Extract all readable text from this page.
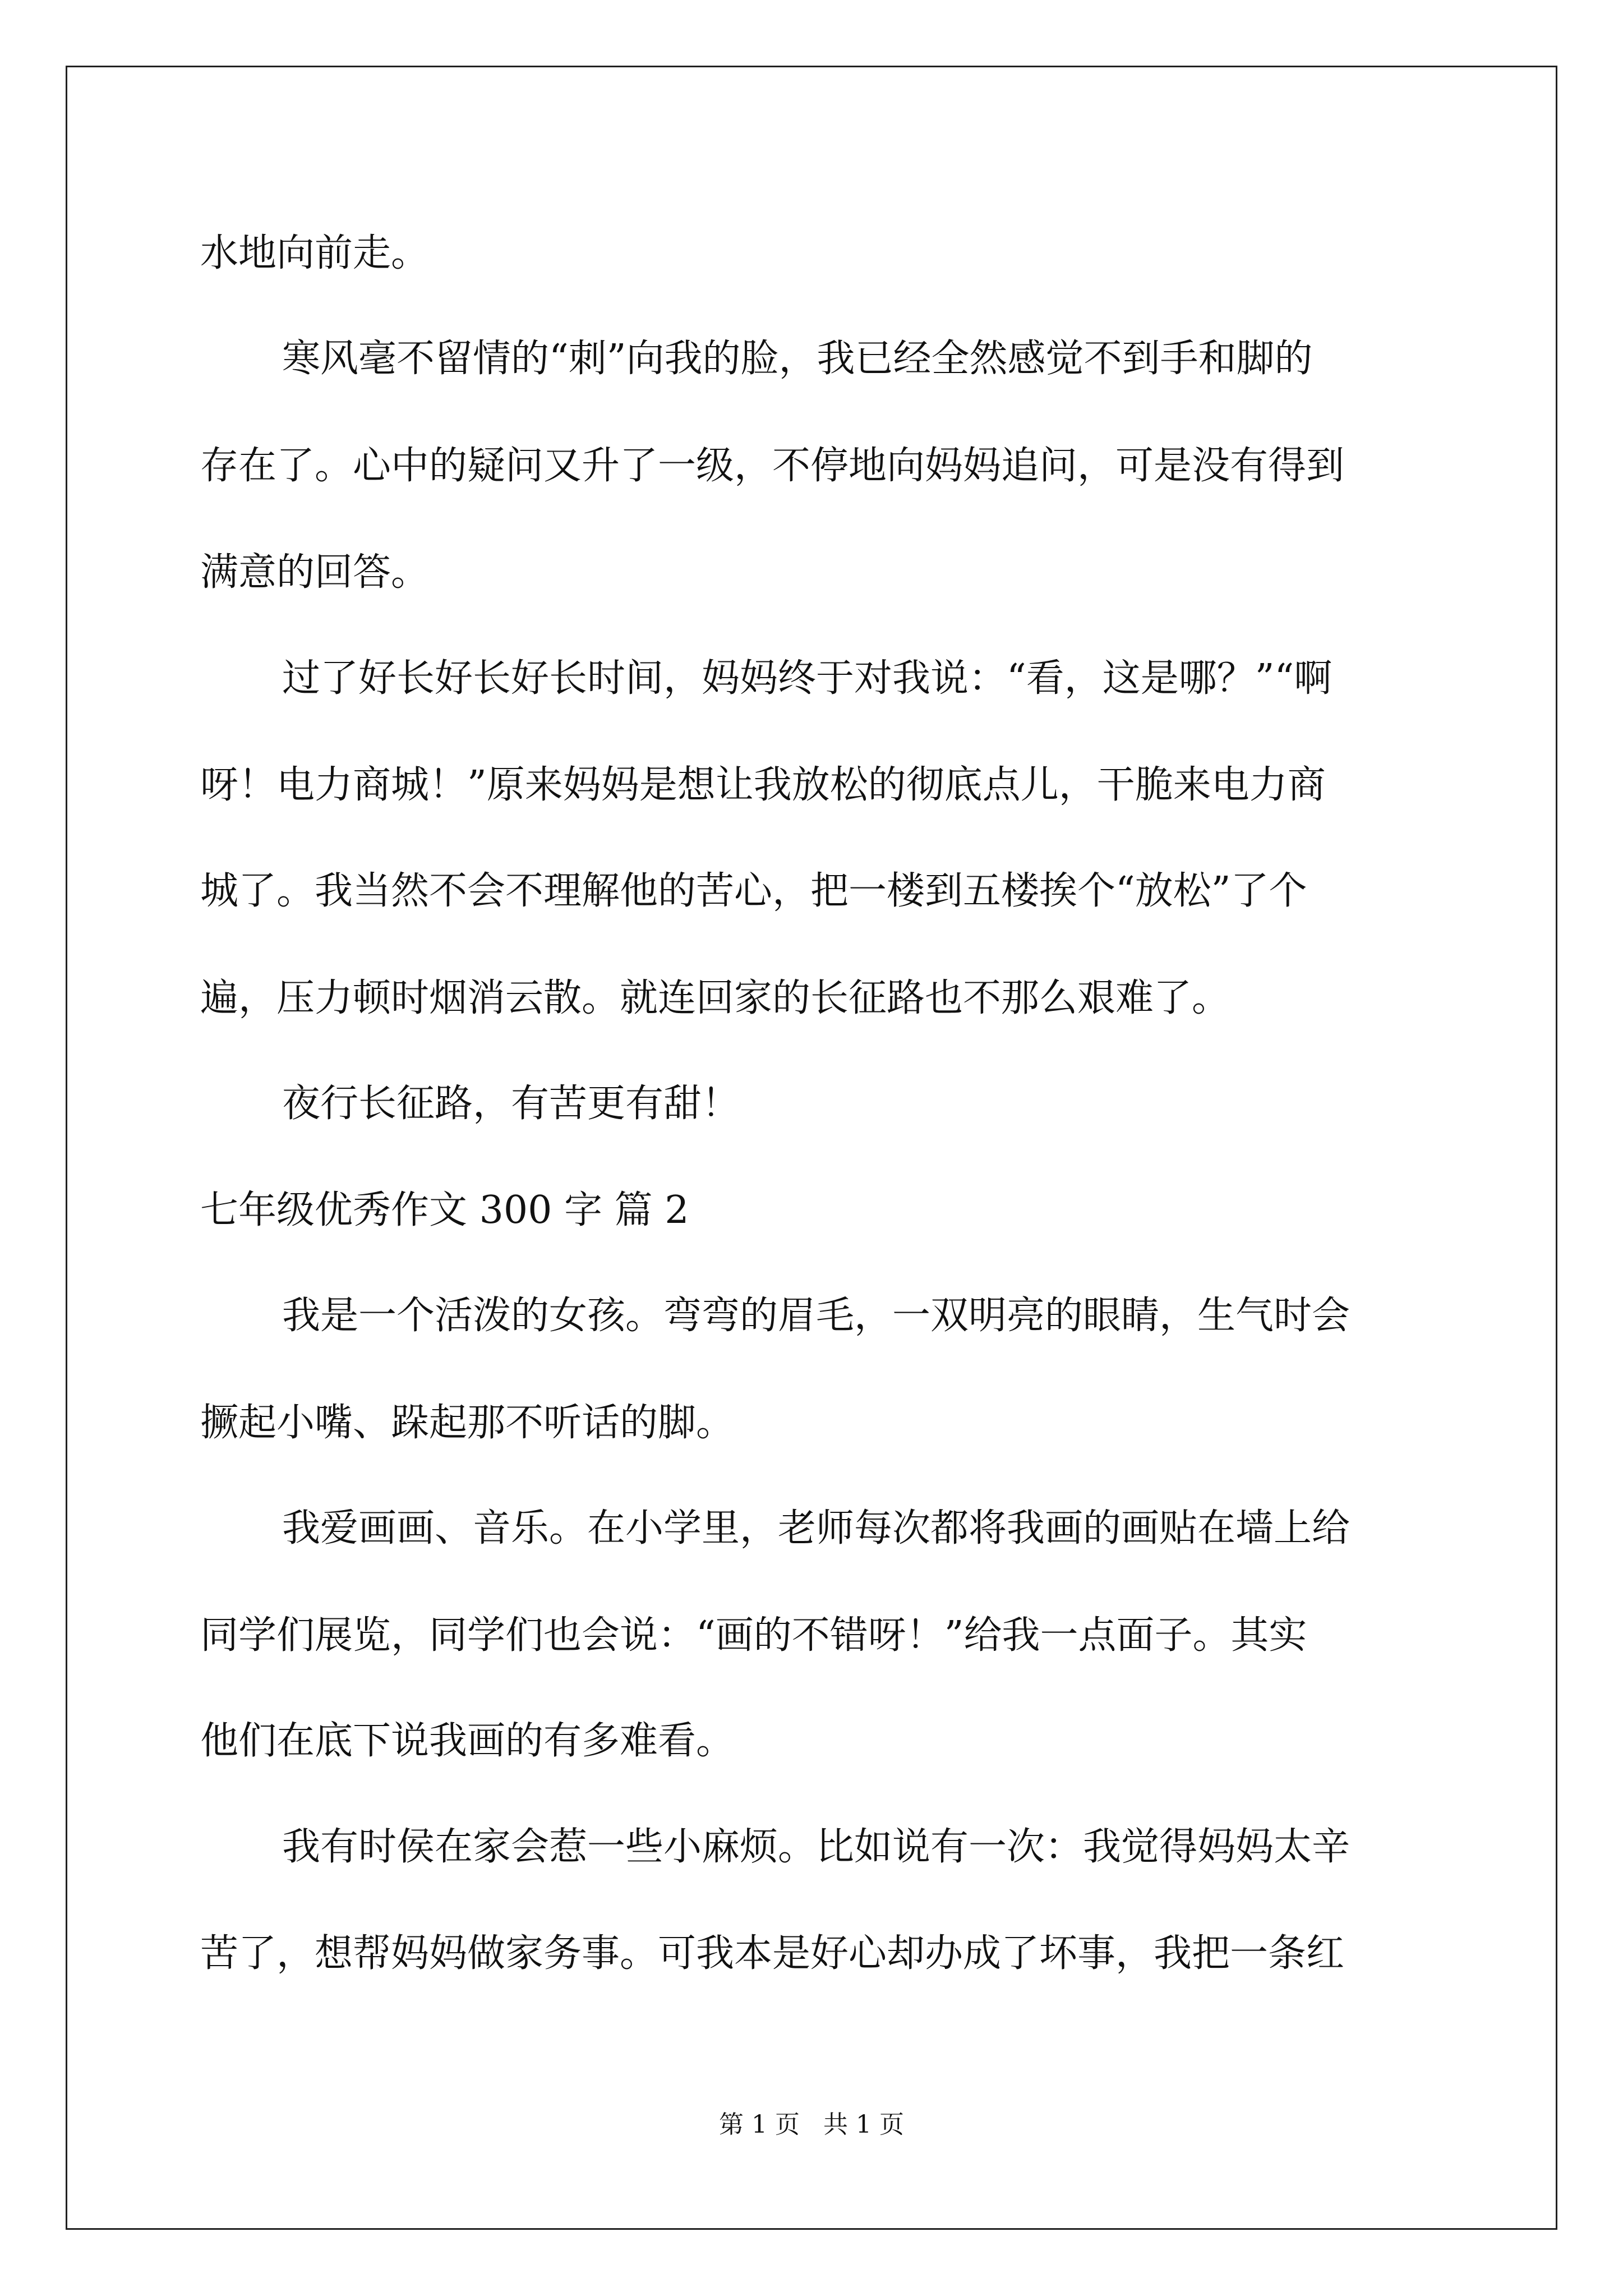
水地向前走。
寒风毫不留情的“刺”向我的脸，我已经全然感觉不到手和脚的
存在了。心中的疑问又升了一级，不停地向妈妈追问，可是没有得到
满意的回答。
过了好长好长好长时间，妈妈终于对我说：“看，这是哪？”“啊
呀！电力商城！”原来妈妈是想让我放松的彻底点儿，干脆来电力商
城了。我当然不会不理解他的苦心，把一楼到五楼挨个“放松”了个
遍，压力顿时烟消云散。就连回家的长征路也不那么艰难了。
夜行长征路，有苦更有甜！
七年级优秀作文 300 字 篇 2
我是一个活泼的女孩。弯弯的眉毛，一双明亮的眼睛，生气时会
撅起小嘴、跺起那不听话的脚。
我爱画画、音乐。在小学里，老师每次都将我画的画贴在墙上给
同学们展览，同学们也会说：“画的不错呀！”给我一点面子。其实
他们在底下说我画的有多难看。
我有时侯在家会惹一些小麻烦。比如说有一次：我觉得妈妈太辛
苦了，想帮妈妈做家务事。可我本是好心却办成了坏事，我把一条红
第 1 页   共 1 页
